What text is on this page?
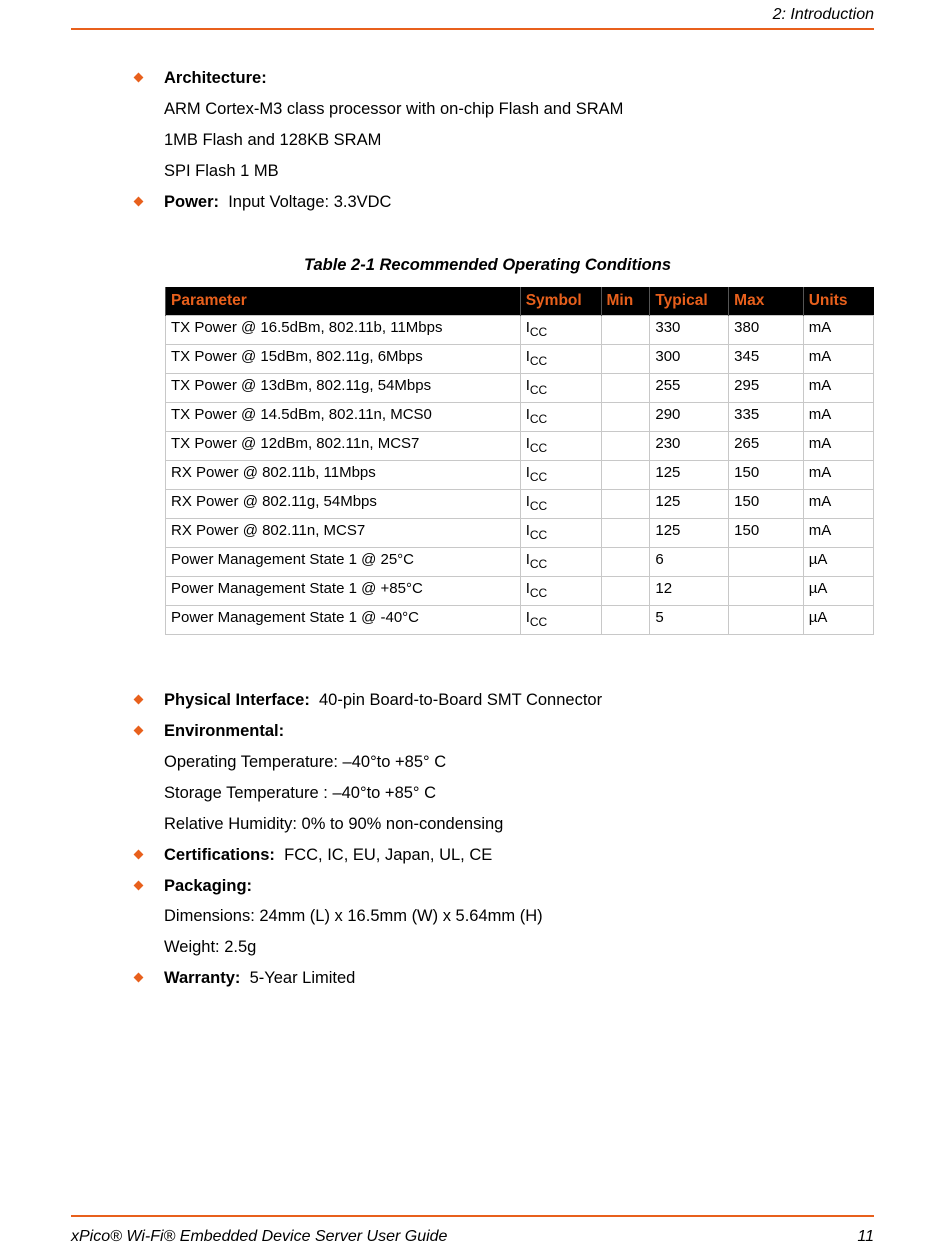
2: Introduction
Architecture:
ARM Cortex-M3 class processor with on-chip Flash and SRAM
1MB Flash and 128KB SRAM
SPI Flash 1 MB
Power: Input Voltage: 3.3VDC
Table 2-1 Recommended Operating Conditions
Parameter	Symbol	Min	Typical	Max	Units
TX Power @ 16.5dBm, 802.11b, 11Mbps	$I_{CC}$		330	380	mA
TX Power @ 15dBm, 802.11g, 6Mbps	$I_{CC}$		300	345	mA
TX Power @ 13dBm, 802.11g, 54Mbps	$I_{CC}$		255	295	mA
TX Power @ 14.5dBm, 802.11n, MCS0	$I_{CC}$		290	335	mA
TX Power @ 12dBm, 802.11n, MCS7	$I_{CC}$		230	265	mA
RX Power @ 802.11b, 11Mbps	$I_{CC}$		125	150	mA
RX Power @ 802.11g, 54Mbps	$I_{CC}$		125	150	mA
RX Power @ 802.11n, MCS7	$I_{CC}$		125	150	mA
Power Management State 1 @ 25°C	$I_{CC}$		6		µA
Power Management State 1 @ +85°C	$I_{CC}$		12		µA
Power Management State 1 @ -40°C	$I_{CC}$		5		µA
Physical Interface: 40-pin Board-to-Board SMT Connector
Environmental:
Operating Temperature: –40°to +85° C
Storage Temperature : –40°to +85° C
Relative Humidity: 0% to 90% non-condensing
Certifications: FCC, IC, EU, Japan, UL, CE
Packaging:
Dimensions: 24mm (L) x 16.5mm (W) x 5.64mm (H)
Weight: 2.5g
Warranty: 5-Year Limited
xPico® Wi-Fi® Embedded Device Server User Guide	11
